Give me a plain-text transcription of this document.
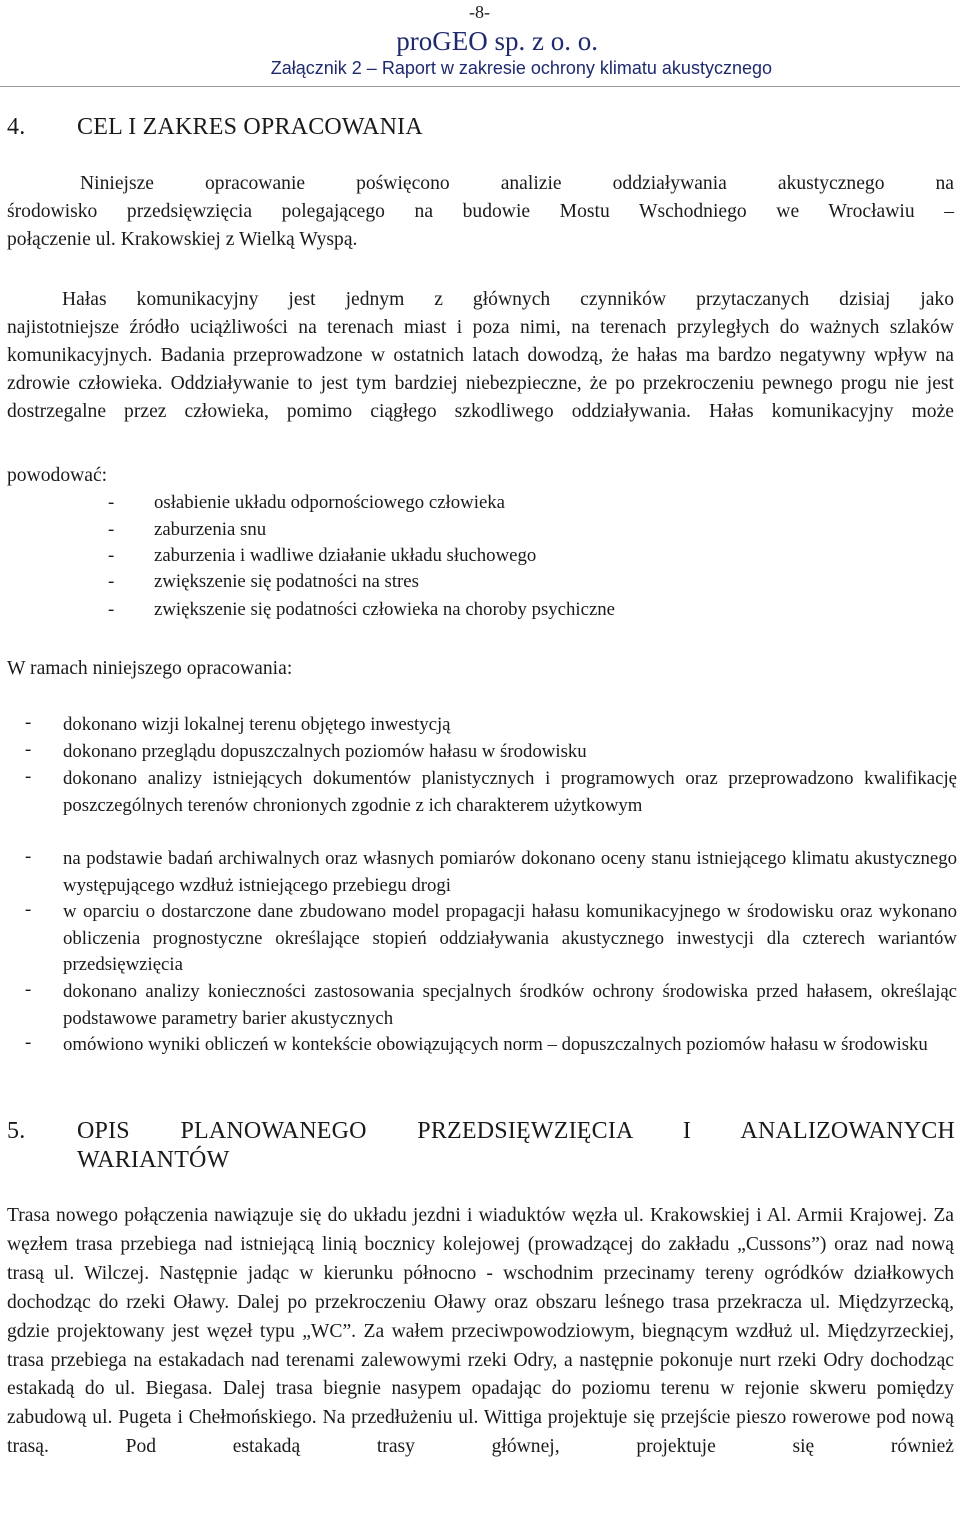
-8-
proGEO sp. z o. o.
Załącznik 2 – Raport w zakresie ochrony klimatu akustycznego
4. CEL I ZAKRES OPRACOWANIA
Niniejsze opracowanie poświęcono analizie oddziaływania akustycznego na
środowisko przedsięwzięcia polegającego na budowie Mostu Wschodniego we Wrocławiu –
połączenie ul. Krakowskiej z Wielką Wyspą.
Hałas komunikacyjny jest jednym z głównych czynników przytaczanych dzisiaj jako
najistotniejsze źródło uciążliwości na terenach miast i poza nimi, na terenach przyległych do ważnych szlaków komunikacyjnych. Badania przeprowadzone w ostatnich latach dowodzą, że hałas ma bardzo negatywny wpływ na zdrowie człowieka. Oddziaływanie to jest tym bardziej niebezpieczne, że po przekroczeniu pewnego progu nie jest dostrzegalne przez człowieka, pomimo ciągłego szkodliwego oddziaływania. Hałas komunikacyjny może
powodować:
- osłabienie układu odpornościowego człowieka
- zaburzenia snu
- zaburzenia i wadliwe działanie układu słuchowego
- zwiększenie się podatności na stres
- zwiększenie się podatności człowieka na choroby psychiczne
W ramach niniejszego opracowania:
- dokonano wizji lokalnej terenu objętego inwestycją
- dokonano przeglądu dopuszczalnych poziomów hałasu w środowisku
- dokonano analizy istniejących dokumentów planistycznych i programowych oraz przeprowadzono kwalifikację poszczególnych terenów chronionych zgodnie z ich charakterem użytkowym
- na podstawie badań archiwalnych oraz własnych pomiarów dokonano oceny stanu istniejącego klimatu akustycznego występującego wzdłuż istniejącego przebiegu drogi
- w oparciu o dostarczone dane zbudowano model propagacji hałasu komunikacyjnego w środowisku oraz wykonano obliczenia prognostyczne określające stopień oddziaływania akustycznego inwestycji dla czterech wariantów przedsięwzięcia
- dokonano analizy konieczności zastosowania specjalnych środków ochrony środowiska przed hałasem, określając podstawowe parametry barier akustycznych
- omówiono wyniki obliczeń w kontekście obowiązujących norm – dopuszczalnych poziomów hałasu w środowisku
5.	OPIS PLANOWANEGO PRZEDSIĘWZIĘCIA I ANALIZOWANYCH
WARIANTÓW
Trasa nowego połączenia nawiązuje się do układu jezdni i wiaduktów węzła ul. Krakowskiej i Al. Armii Krajowej. Za węzłem trasa przebiega nad istniejącą linią bocznicy kolejowej (prowadzącej do zakładu „Cussons”) oraz nad nową trasą ul. Wilczej. Następnie jadąc w kierunku północno - wschodnim przecinamy tereny ogródków działkowych dochodząc do rzeki Oławy. Dalej po przekroczeniu Oławy oraz obszaru leśnego trasa przekracza ul. Międzyrzecką, gdzie projektowany jest węzeł typu „WC”. Za wałem przeciwpowodziowym, biegnącym wzdłuż ul. Międzyrzeckiej, trasa przebiega na estakadach nad terenami zalewowymi rzeki Odry, a następnie pokonuje nurt rzeki Odry dochodząc estakadą do ul. Biegasa. Dalej trasa biegnie nasypem opadając do poziomu terenu w rejonie skweru pomiędzy zabudową ul. Pugeta i Chełmońskiego. Na przedłużeniu ul. Wittiga projektuje się przejście pieszo rowerowe pod nową trasą. Pod estakadą trasy głównej, projektuje się również
